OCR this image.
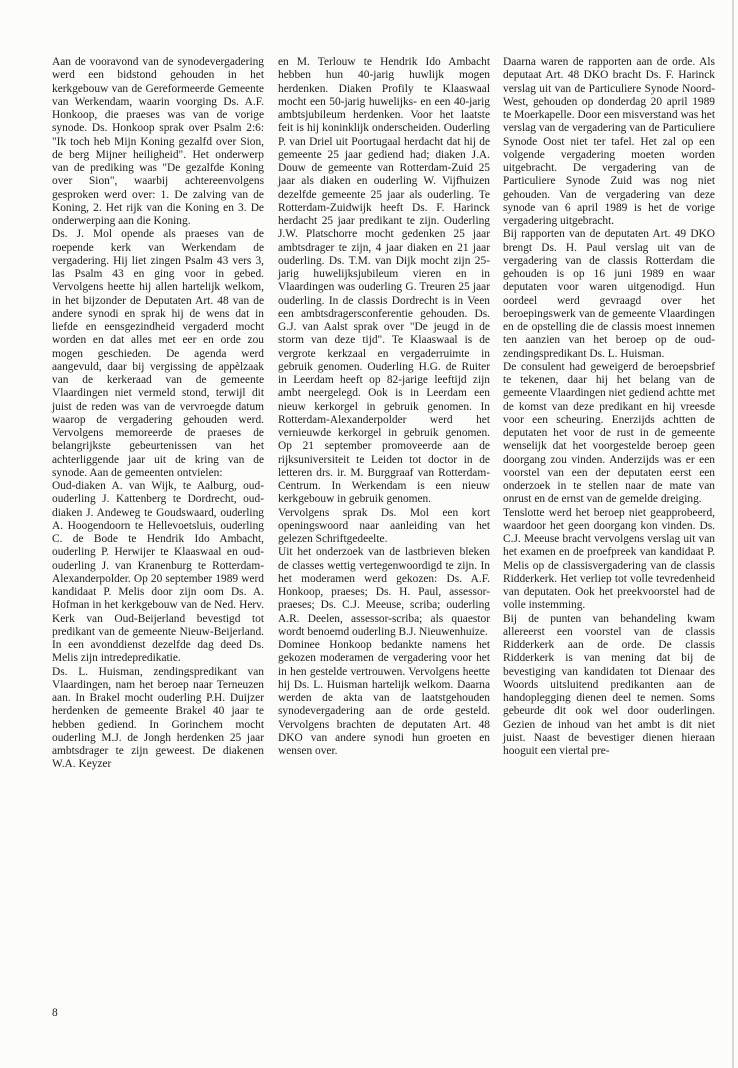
Aan de vooravond van de synodevergadering werd een bidstond gehouden in het kerkgebouw van de Gereformeerde Gemeente van Werkendam, waarin voorging Ds. A.F. Honkoop, die praeses was van de vorige synode. Ds. Honkoop sprak over Psalm 2:6: "Ik toch heb Mijn Koning gezalfd over Sion, de berg Mijner heiligheid". Het onderwerp van de prediking was "De gezalfde Koning over Sion", waarbij achtereenvolgens gesproken werd over: 1. De zalving van de Koning, 2. Het rijk van die Koning en 3. De onderwerping aan die Koning.

Ds. J. Mol opende als praeses van de roepende kerk van Werkendam de vergadering. Hij liet zingen Psalm 43 vers 3, las Psalm 43 en ging voor in gebed. Vervolgens heette hij allen hartelijk welkom, in het bijzonder de Deputaten Art. 48 van de andere synodi en sprak hij de wens dat in liefde en eensgezindheid vergaderd mocht worden en dat alles met eer en orde zou mogen geschieden. De agenda werd aangevuld, daar bij vergissing de appèlzaak van de kerkeraad van de gemeente Vlaardingen niet vermeld stond, terwijl dit juist de reden was van de vervroegde datum waarop de vergadering gehouden werd. Vervolgens memoreerde de praeses de belangrijkste gebeurtenissen van het achterliggende jaar uit de kring van de synode. Aan de gemeenten ontvielen:

Oud-diaken A. van Wijk, te Aalburg, oud-ouderling J. Kattenberg te Dordrecht, oud-diaken J. Andeweg te Goudswaard, ouderling A. Hoogendoorn te Hellevoetsluis, ouderling C. de Bode te Hendrik Ido Ambacht, ouderling P. Herwijer te Klaaswaal en oud-ouderling J. van Kranenburg te Rotterdam-Alexanderpolder. Op 20 september 1989 werd kandidaat P. Melis door zijn oom Ds. A. Hofman in het kerkgebouw van de Ned. Herv. Kerk van Oud-Beijerland bevestigd tot predikant van de gemeente Nieuw-Beijerland. In een avonddienst dezelfde dag deed Ds. Melis zijn intredepredikatie.

Ds. L. Huisman, zendingspredikant van Vlaardingen, nam het beroep naar Terneuzen aan. In Brakel mocht ouderling P.H. Duijzer herdenken de gemeente Brakel 40 jaar te hebben gediend. In Gorinchem mocht ouderling M.J. de Jongh herdenken 25 jaar ambtsdrager te zijn geweest. De diakenen W.A. Keyzer

en M. Terlouw te Hendrik Ido Ambacht hebben hun 40-jarig huwlijk mogen herdenken. Diaken Profily te Klaaswaal mocht een 50-jarig huwelijks- en een 40-jarig ambtsjubileum herdenken. Voor het laatste feit is hij koninklijk onderscheiden. Ouderling P. van Driel uit Poortugaal herdacht dat hij de gemeente 25 jaar gediend had; diaken J.A. Douw de gemeente van Rotterdam-Zuid 25 jaar als diaken en ouderling W. Vijfhuizen dezelfde gemeente 25 jaar als ouderling. Te Rotterdam-Zuidwijk heeft Ds. F. Harinck herdacht 25 jaar predikant te zijn. Ouderling J.W. Platschorre mocht gedenken 25 jaar ambtsdrager te zijn, 4 jaar diaken en 21 jaar ouderling. Ds. T.M. van Dijk mocht zijn 25-jarig huwelijksjubileum vieren en in Vlaardingen was ouderling G. Treuren 25 jaar ouderling. In de classis Dordrecht is in Veen een ambtsdragersconferentie gehouden. Ds. G.J. van Aalst sprak over "De jeugd in de storm van deze tijd". Te Klaaswaal is de vergrote kerkzaal en vergaderruimte in gebruik genomen. Ouderling H.G. de Ruiter in Leerdam heeft op 82-jarige leeftijd zijn ambt neergelegd. Ook is in Leerdam een nieuw kerkorgel in gebruik genomen. In Rotterdam-Alexanderpolder werd het vernieuwde kerkorgel in gebruik genomen. Op 21 september promoveerde aan de rijksuniversiteit te Leiden tot doctor in de letteren drs. ir. M. Burggraaf van Rotterdam-Centrum. In Werkendam is een nieuw kerkgebouw in gebruik genomen.

Vervolgens sprak Ds. Mol een kort openingswoord naar aanleiding van het gelezen Schriftgedeelte.

Uit het onderzoek van de lastbrieven bleken de classes wettig vertegenwoordigd te zijn. In het moderamen werd gekozen: Ds. A.F. Honkoop, praeses; Ds. H. Paul, assessor-praeses; Ds. C.J. Meeuse, scriba; ouderling A.R. Deelen, assessor-scriba; als quaestor wordt benoemd ouderling B.J. Nieuwenhuize.

Dominee Honkoop bedankte namens het gekozen moderamen de vergadering voor het in hen gestelde vertrouwen. Vervolgens heette hij Ds. L. Huisman hartelijk welkom. Daarna werden de akta van de laatstgehouden synodevergadering aan de orde gesteld. Vervolgens brachten de deputaten Art. 48 DKO van andere synodi hun groeten en wensen over.

Daarna waren de rapporten aan de orde. Als deputaat Art. 48 DKO bracht Ds. F. Harinck verslag uit van de Particuliere Synode Noord-West, gehouden op donderdag 20 april 1989 te Moerkapelle. Door een misverstand was het verslag van de vergadering van de Particuliere Synode Oost niet ter tafel. Het zal op een volgende vergadering moeten worden uitgebracht. De vergadering van de Particuliere Synode Zuid was nog niet gehouden. Van de vergadering van deze synode van 6 april 1989 is het de vorige vergadering uitgebracht.

Bij rapporten van de deputaten Art. 49 DKO brengt Ds. H. Paul verslag uit van de vergadering van de classis Rotterdam die gehouden is op 16 juni 1989 en waar deputaten voor waren uitgenodigd. Hun oordeel werd gevraagd over het beroepingswerk van de gemeente Vlaardingen en de opstelling die de classis moest innemen ten aanzien van het beroep op de oud-zendingspredikant Ds. L. Huisman.

De consulent had geweigerd de beroepsbrief te tekenen, daar hij het belang van de gemeente Vlaardingen niet gediend achtte met de komst van deze predikant en hij vreesde voor een scheuring. Enerzijds achtten de deputaten het voor de rust in de gemeente wenselijk dat het voorgestelde beroep geen doorgang zou vinden. Anderzijds was er een voorstel van een der deputaten eerst een onderzoek in te stellen naar de mate van onrust en de ernst van de gemelde dreiging.

Tenslotte werd het beroep niet geapprobeerd, waardoor het geen doorgang kon vinden. Ds. C.J. Meeuse bracht vervolgens verslag uit van het examen en de proefpreek van kandidaat P. Melis op de classisvergadering van de classis Ridderkerk. Het verliep tot volle tevredenheid van deputaten. Ook het preekvoorstel had de volle instemming.

Bij de punten van behandeling kwam allereerst een voorstel van de classis Ridderkerk aan de orde. De classis Ridderkerk is van mening dat bij de bevestiging van kandidaten tot Dienaar des Woords uitsluitend predikanten aan de handoplegging dienen deel te nemen. Soms gebeurde dit ook wel door ouderlingen. Gezien de inhoud van het ambt is dit niet juist. Naast de bevestiger dienen hieraan hooguit een viertal pre-

8
